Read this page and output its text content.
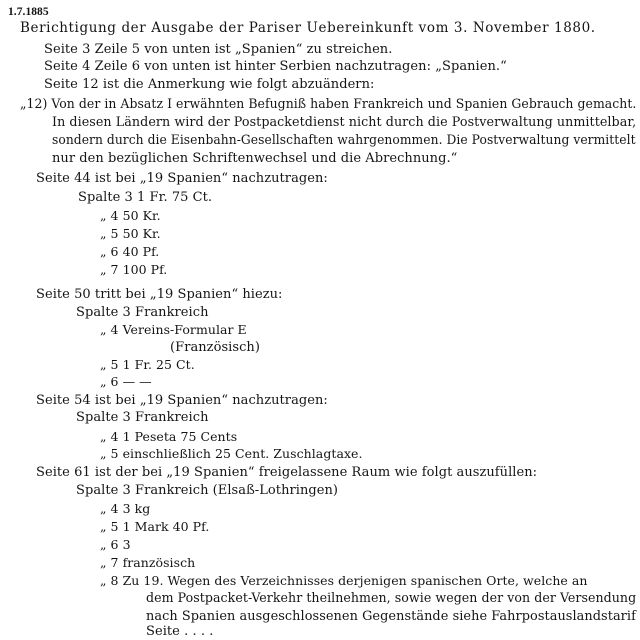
1.7.1885
Berichtigung der Ausgabe der Pariser Uebereinkunft vom 3. November 1880.
Seite 3 Zeile 5 von unten ist „Spanien“ zu streichen.
Seite 4 Zeile 6 von unten ist hinter Serbien nachzutragen: „Spanien.“
Seite 12 ist die Anmerkung wie folgt abzuändern:
„12) Von der in Absatz I erwähnten Befugniß haben Frankreich und Spanien Gebrauch gemacht.
In diesen Ländern wird der Postpacketdienst nicht durch die Postverwaltung unmittelbar,
sondern durch die Eisenbahn-Gesellschaften wahrgenommen. Die Postverwaltung vermittelt
nur den bezüglichen Schriftenwechsel und die Abrechnung.“
Seite 44 ist bei „19 Spanien“ nachzutragen:
Spalte 3 1 Fr. 75 Ct.
„ 4 50 Kr.
„ 5 50 Kr.
„ 6 40 Pf.
„ 7 100 Pf.
Seite 50 tritt bei „19 Spanien“ hiezu:
Spalte 3 Frankreich
„ 4 Vereins-Formular E
(Französisch)
„ 5 1 Fr. 25 Ct.
„ 6 — —
Seite 54 ist bei „19 Spanien“ nachzutragen:
Spalte 3 Frankreich
„ 4 1 Peseta 75 Cents
„ 5 einschließlich 25 Cent. Zuschlagtaxe.
Seite 61 ist der bei „19 Spanien“ freigelassene Raum wie folgt auszufüllen:
Spalte 3 Frankreich (Elsaß-Lothringen)
„ 4 3 kg
„ 5 1 Mark 40 Pf.
„ 6 3
„ 7 französisch
„ 8 Zu 19. Wegen des Verzeichnisses derjenigen spanischen Orte, welche an
dem Postpacket-Verkehr theilnehmen, sowie wegen der von der Versendung
nach Spanien ausgeschlossenen Gegenstände siehe Fahrpostauslandstarif
Seite . . . .
